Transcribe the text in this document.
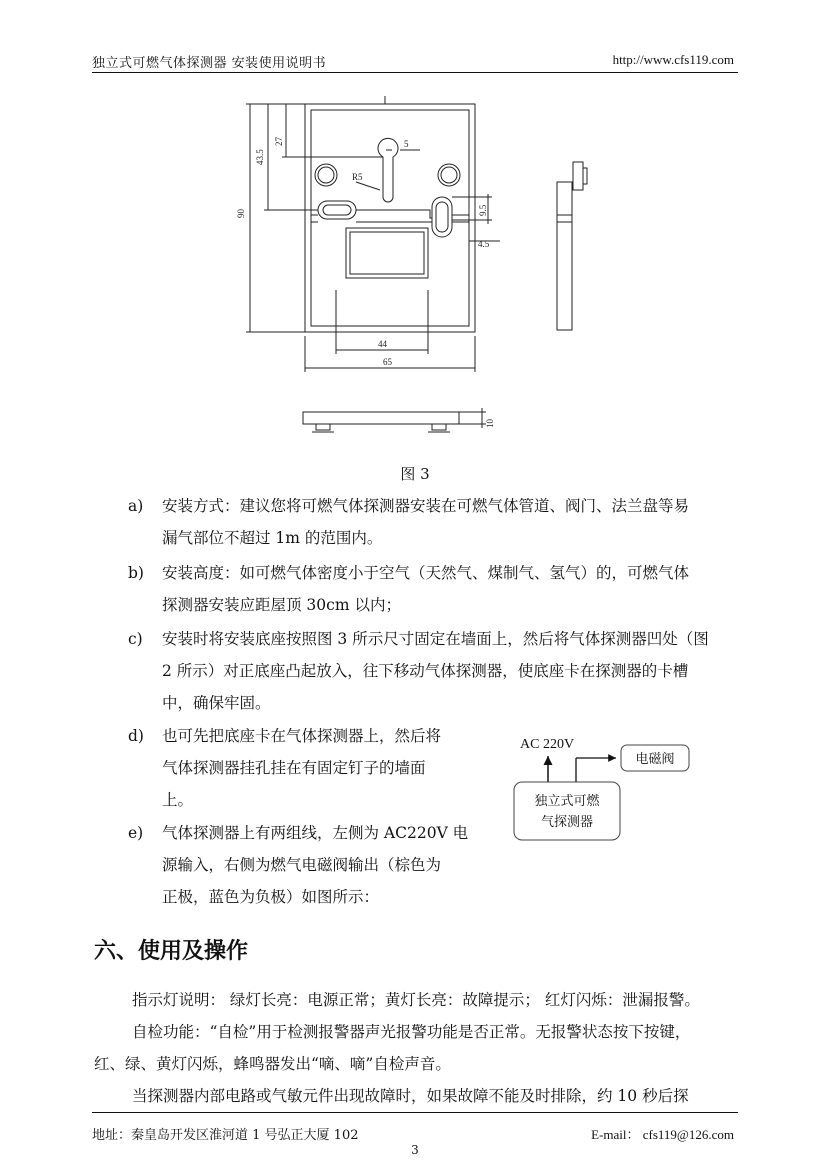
独立式可燃气体探测器 安装使用说明书	http://www.cfs119.com
90
43.5
27	5
R5
9.5
4.5
44
65
10
图 3
a)	安装方式：建议您将可燃气体探测器安装在可燃气体管道、阀门、法兰盘等易
漏气部位不超过 1m 的范围内。
b)	安装高度：如可燃气体密度小于空气（天然气、煤制气、氢气）的，可燃气体
探测器安装应距屋顶 30cm 以内；
c)	安装时将安装底座按照图 3 所示尺寸固定在墙面上，然后将气体探测器凹处（图
2 所示）对正底座凸起放入，往下移动气体探测器，使底座卡在探测器的卡槽
中，确保牢固。
d)	也可先把底座卡在气体探测器上，然后将
气体探测器挂孔挂在有固定钉子的墙面
上。
e)	气体探测器上有两组线，左侧为 AC220V 电
源输入，右侧为燃气电磁阀输出（棕色为
正极，蓝色为负极）如图所示：
AC 220V
电磁阀
独立式可燃
气探测器
六、使用及操作
指示灯说明： 绿灯长亮：电源正常；黄灯长亮：故障提示； 红灯闪烁：泄漏报警。
自检功能：“自检”用于检测报警器声光报警功能是否正常。无报警状态按下按键，
红、绿、黄灯闪烁，蜂鸣器发出“嘀、嘀”自检声音。
当探测器内部电路或气敏元件出现故障时，如果故障不能及时排除，约 10 秒后探
地址：秦皇岛开发区淮河道 1 号弘正大厦 102	E-mail： cfs119@126.com
3
